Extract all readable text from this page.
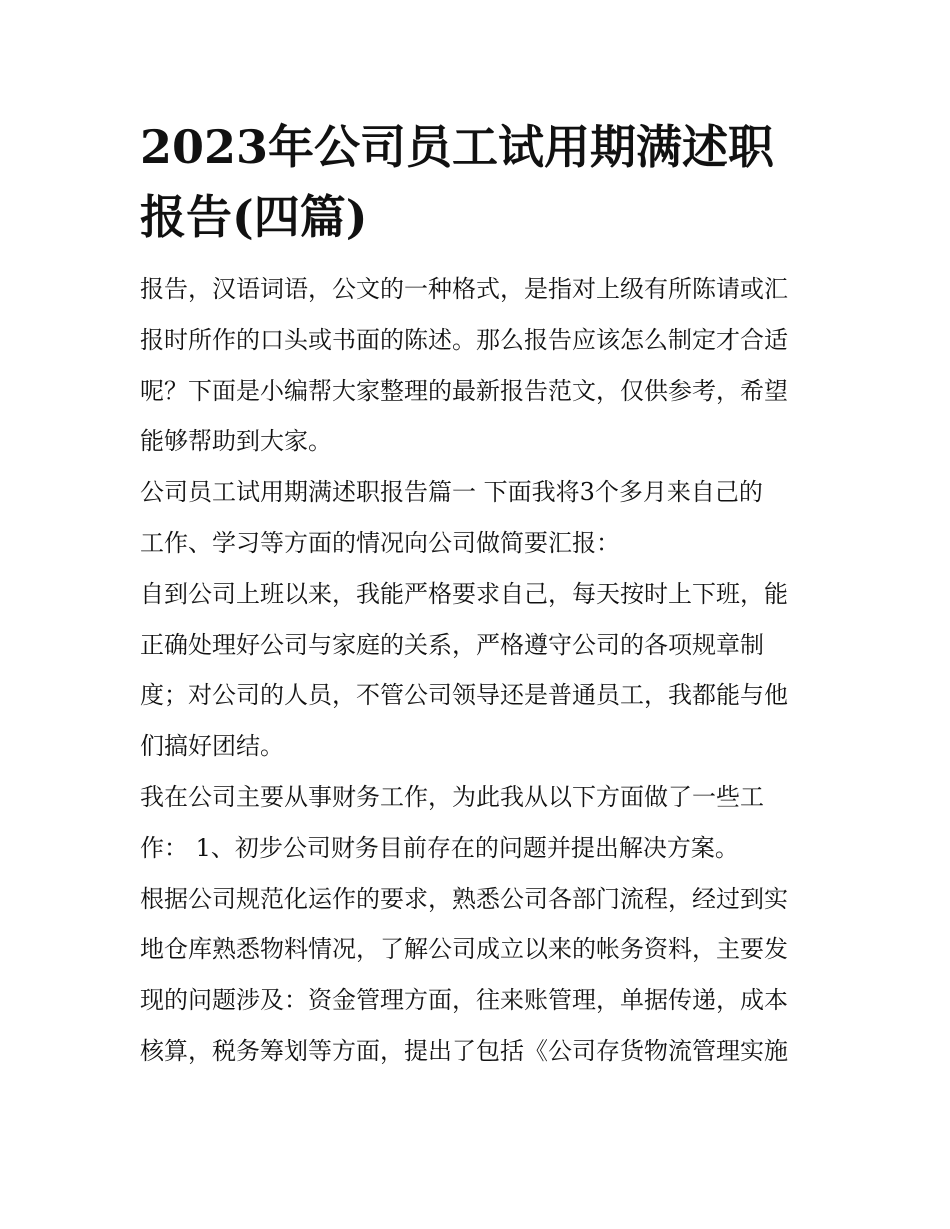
2023年公司员工试用期满述职
报告(四篇)

报告，汉语词语，公文的一种格式，是指对上级有所陈请或汇
报时所作的口头或书面的陈述。那么报告应该怎么制定才合适
呢？下面是小编帮大家整理的最新报告范文，仅供参考，希望
能够帮助到大家。

公司员工试用期满述职报告篇一 下面我将3个多月来自己的
工作、学习等方面的情况向公司做简要汇报：

自到公司上班以来，我能严格要求自己，每天按时上下班，能
正确处理好公司与家庭的关系，严格遵守公司的各项规章制
度；对公司的人员，不管公司领导还是普通员工，我都能与他
们搞好团结。

我在公司主要从事财务工作，为此我从以下方面做了一些工
作： 1、初步公司财务目前存在的问题并提出解决方案。

根据公司规范化运作的要求，熟悉公司各部门流程，经过到实
地仓库熟悉物料情况，了解公司成立以来的帐务资料，主要发
现的问题涉及：资金管理方面，往来账管理，单据传递，成本
核算，税务筹划等方面，提出了包括《公司存货物流管理实施
